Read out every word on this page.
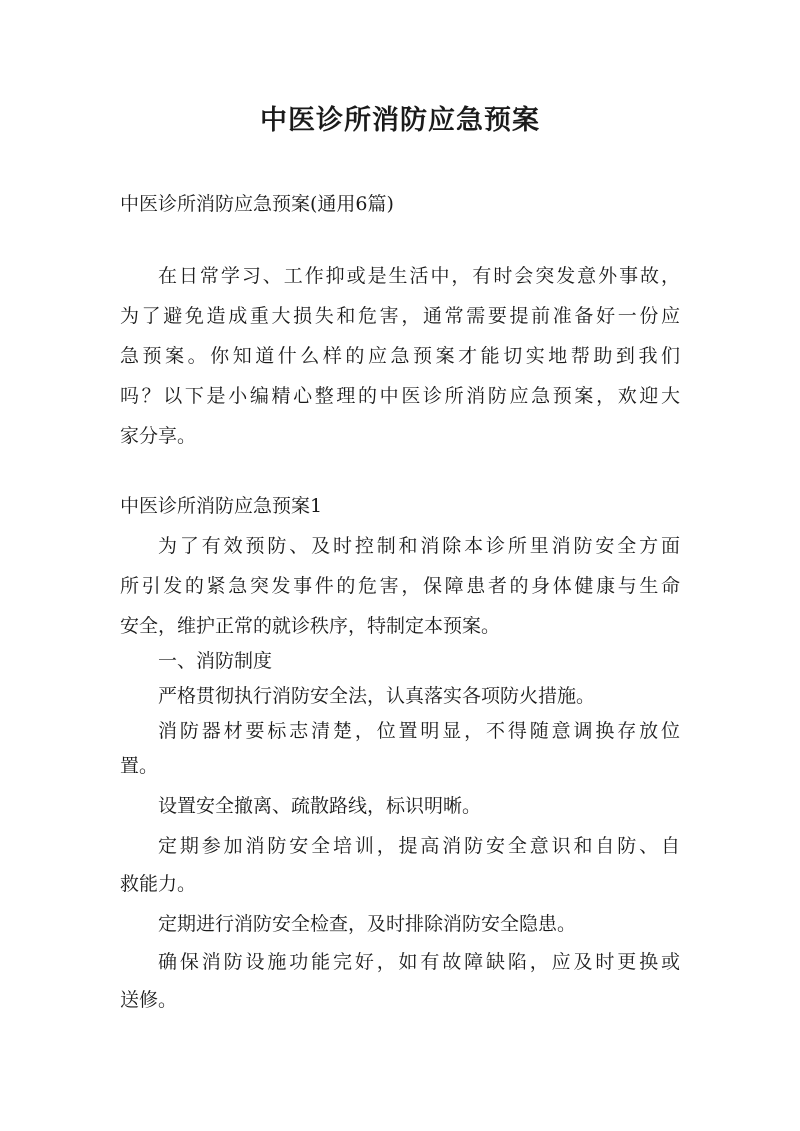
中医诊所消防应急预案
中医诊所消防应急预案(通用6篇)
在日常学习、工作抑或是生活中，有时会突发意外事故，
为了避免造成重大损失和危害，通常需要提前准备好一份应
急预案。你知道什么样的应急预案才能切实地帮助到我们
吗？以下是小编精心整理的中医诊所消防应急预案，欢迎大
家分享。
中医诊所消防应急预案1
为了有效预防、及时控制和消除本诊所里消防安全方面
所引发的紧急突发事件的危害，保障患者的身体健康与生命
安全，维护正常的就诊秩序，特制定本预案。
一、消防制度
严格贯彻执行消防安全法，认真落实各项防火措施。
消防器材要标志清楚，位置明显，不得随意调换存放位
置。
设置安全撤离、疏散路线，标识明晰。
定期参加消防安全培训，提高消防安全意识和自防、自
救能力。
定期进行消防安全检查，及时排除消防安全隐患。
确保消防设施功能完好，如有故障缺陷，应及时更换或
送修。
